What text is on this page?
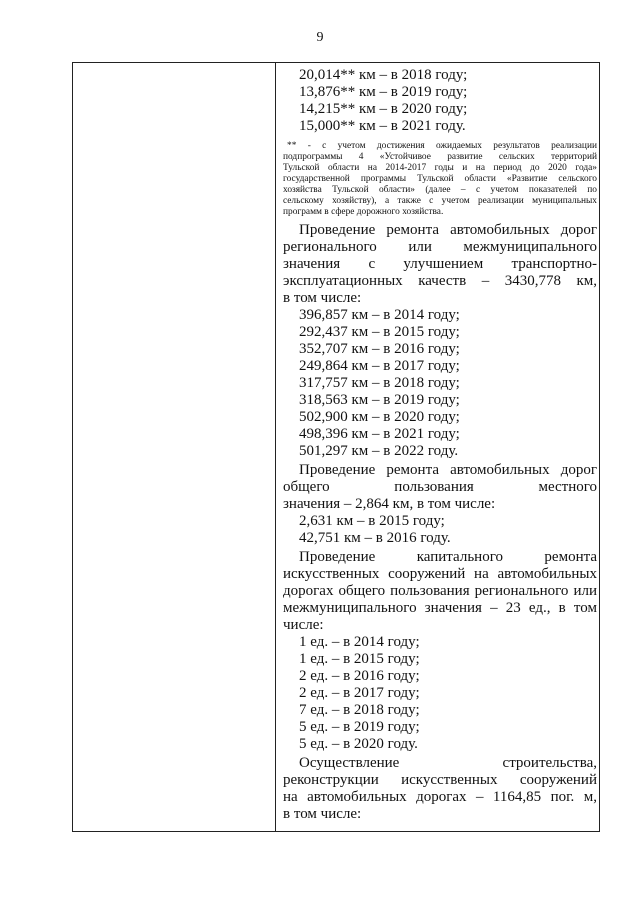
9
20,014** км – в 2018 году;
13,876** км – в 2019 году;
14,215** км – в 2020 году;
15,000** км – в 2021 году.
** - с учетом достижения ожидаемых результатов реализации
подпрограммы 4 «Устойчивое развитие сельских территорий
Тульской области на 2014-2017 годы и на период до 2020 года»
государственной программы Тульской области «Развитие сельского
хозяйства Тульской области» (далее – с учетом показателей по
сельскому хозяйству), а также с учетом реализации муниципальных
программ в сфере дорожного хозяйства.
Проведение ремонта автомобильных дорог
регионального или межмуниципального
значения с улучшением транспортно-
эксплуатационных качеств – 3430,778 км,
в том числе:
396,857 км – в 2014 году;
292,437 км – в 2015 году;
352,707 км – в 2016 году;
249,864 км – в 2017 году;
317,757 км – в 2018 году;
318,563 км – в 2019 году;
502,900 км – в 2020 году;
498,396 км – в 2021 году;
501,297 км – в 2022 году.
Проведение ремонта автомобильных дорог
общего пользования местного
значения – 2,864 км, в том числе:
2,631 км – в 2015 году;
42,751 км – в 2016 году.
Проведение капитального ремонта
искусственных сооружений на автомобильных
дорогах общего пользования регионального или
межмуниципального значения – 23 ед., в том
числе:
1 ед. – в 2014 году;
1 ед. – в 2015 году;
2 ед. – в 2016 году;
2 ед. – в 2017 году;
7 ед. – в 2018 году;
5 ед. – в 2019 году;
5 ед. – в 2020 году.
Осуществление строительства,
реконструкции искусственных сооружений
на автомобильных дорогах – 1164,85 пог. м,
в том числе:
